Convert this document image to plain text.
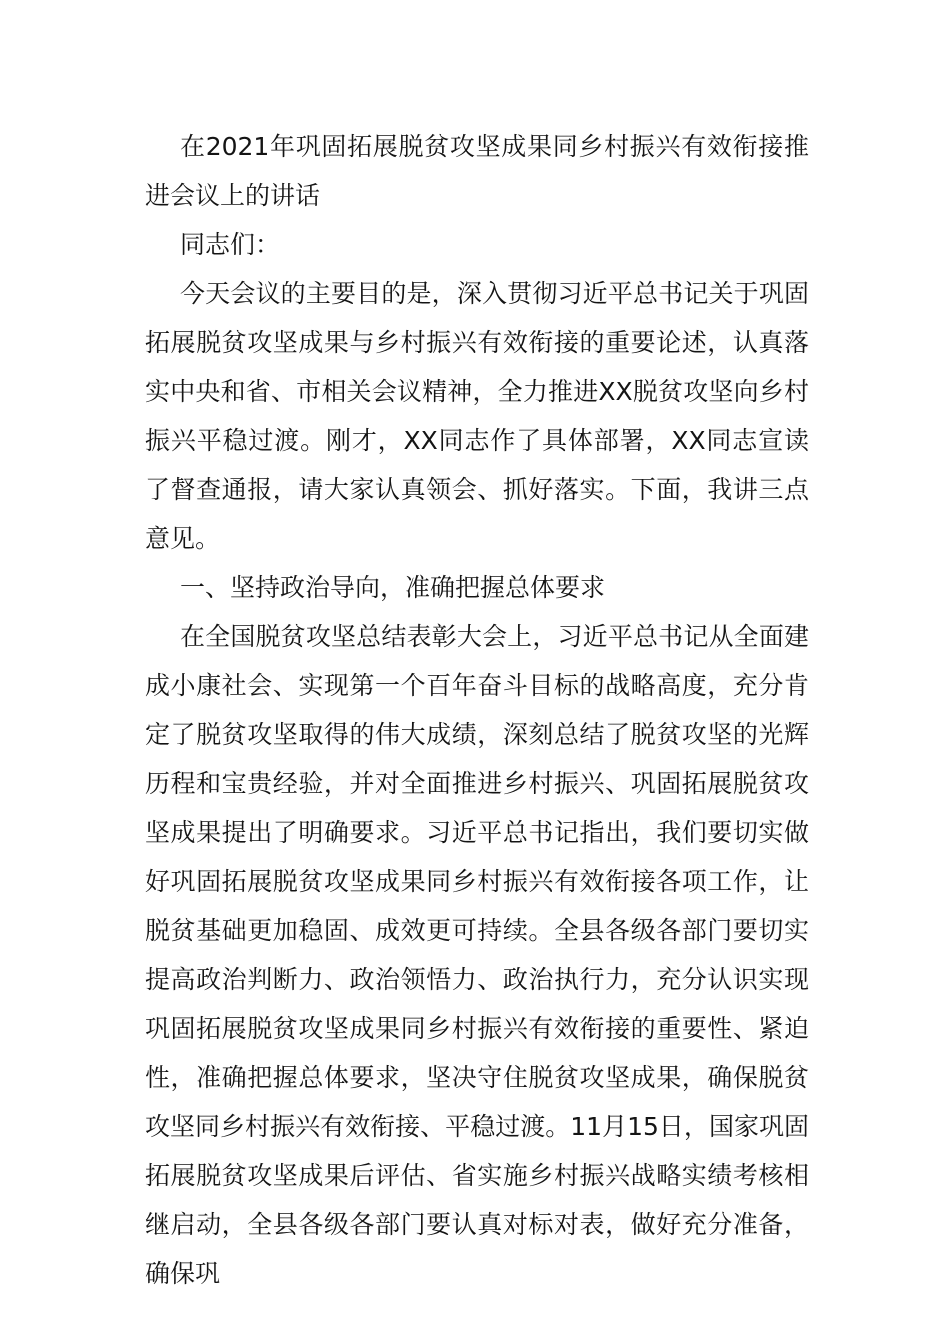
在2021年巩固拓展脱贫攻坚成果同乡村振兴有效衔接推进会议上的讲话

同志们：

今天会议的主要目的是，深入贯彻习近平总书记关于巩固拓展脱贫攻坚成果与乡村振兴有效衔接的重要论述，认真落实中央和省、市相关会议精神，全力推进XX脱贫攻坚向乡村振兴平稳过渡。刚才，XX同志作了具体部署，XX同志宣读了督查通报，请大家认真领会、抓好落实。下面，我讲三点意见。

一、坚持政治导向，准确把握总体要求

在全国脱贫攻坚总结表彰大会上，习近平总书记从全面建成小康社会、实现第一个百年奋斗目标的战略高度，充分肯定了脱贫攻坚取得的伟大成绩，深刻总结了脱贫攻坚的光辉历程和宝贵经验，并对全面推进乡村振兴、巩固拓展脱贫攻坚成果提出了明确要求。习近平总书记指出，我们要切实做好巩固拓展脱贫攻坚成果同乡村振兴有效衔接各项工作，让脱贫基础更加稳固、成效更可持续。全县各级各部门要切实提高政治判断力、政治领悟力、政治执行力，充分认识实现巩固拓展脱贫攻坚成果同乡村振兴有效衔接的重要性、紧迫性，准确把握总体要求，坚决守住脱贫攻坚成果，确保脱贫攻坚同乡村振兴有效衔接、平稳过渡。11月15日，国家巩固拓展脱贫攻坚成果后评估、省实施乡村振兴战略实绩考核相继启动，全县各级各部门要认真对标对表，做好充分准备，确保巩
